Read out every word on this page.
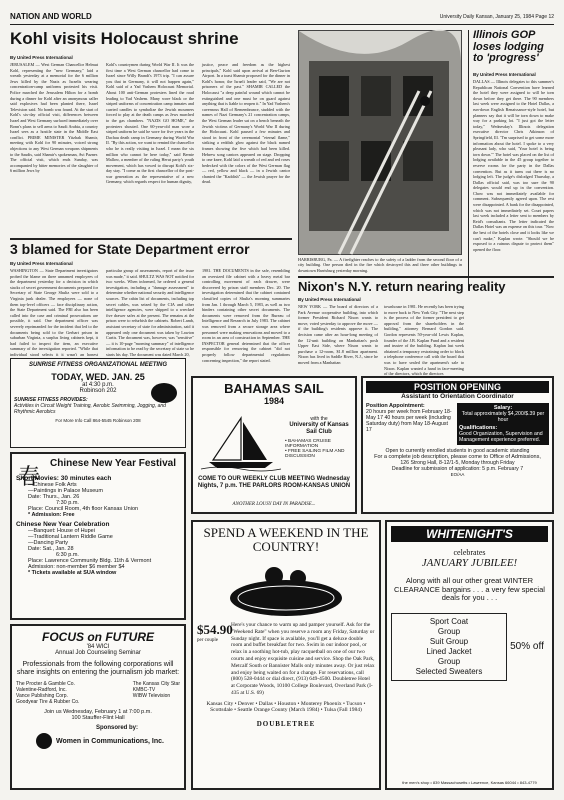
NATION AND WORLD	University Daily Kansan, January 25, 1984 Page 12
Kohl visits Holocaust shrine
By United Press International
JERUSALEM — West German Chancellor Helmut Kohl, representing the "new Germany," laid a wreath yesterday at a memorial for the 6 million Jews killed by the Nazis as Israelis wearing concentration-camp uniforms protested his visit. Police marched the Jerusalem Hilton for a bomb during a dinner for Kohl after an anonymous caller said explosives had been planted there, Israel Television said. No bomb was found. At the start of Kohl's six-day official visit, differences between Israel and West Germany surfaced immediately over Bonn's plans to sell arms to Saudi Arabia, a country Israel sees as a hostile state in the Middle East conflict. PRIME MINISTER Yitzhak Shamir, meeting with Kohl for 90 minutes, voiced strong objections to any West German weapons shipments to the Saudis, said Shamir's spokesman, Avi Pazner. The official visit, which ends Sunday, was accompanied by bitter memories of the slaughter of 6 million Jews by
Kohl's countrymen during World War II. It was the first time a West German chancellor had come to Israel since Willy Brandt's 1973 trip. "I can assure you that in Germany, it will not happen again," Kohl said of a Yad Vashem Holocaust Memorial. About 100 anti-German protesters lined the road leading to Yad Vashem. Many wore black or the striped uniforms of concentration camp inmates and carried candles to symbolize the Jewish mourners forced to play at the death camps as Jews marched to the gas chambers. "NAZIS GO HOME," the protesters shouted. One 60-year-old man wore a striped uniform he said he wore for five years in the Dachau death camp in Germany during World War II. "By this action, we want to remind the chancellor who he is really visiting in Israel. I mean the six million who cannot be here today," said Bernie Mallow, a member of the ruling Herut party's youth movement, which has vowed to disrupt Kohl's six-day stay. "I come as the first chancellor of the post-war generation as the representative of a new Germany, which regards respect for human dignity,
justice, peace and freedom as the highest principals," Kohl said upon arrival at Ben-Gurion Airport. In a toast Shamir proposed for the dinner in Kohl's honor, the Israeli leader said, "We are not prisoners of the past." SHAMIR CALLED the Holocaust "a deep painful wound which cannot be extinguished and one must be on guard against anything that is liable to reopen it." In Yad Vashem's cavernous Hall of Remembrance, studded with the names of Nazi Germany's 21 concentration camps, the West German leader sat on a bench beneath the Jewish victims of Germany's World War II during the Holocaust. Kohl paused a few minutes and stood in front of the ceremonial "eternal flame," striking a reddish glow against the black named frames showing the five which had been killed. Hebrew song cantors appeared on stage. Dropping to one knee, Kohl laid a wreath of red and red roses bedecked with the colors of the West German flag — red, yellow and black — in a Jewish cantor chanted the "Kaddish" — the Jewish prayer for the dead.
HARRISBURG, Pa. — A firefighter reaches to the safety of a ladder from the second floor of a city building. One person died in the fire which destroyed this and three other buildings in downtown Harrisburg yesterday morning.
Illinois GOP loses lodging to 'progress'
By United Press International
DALLAS — Illinois delegates to this summer's Republican National Convention have learned the hotel they were assigned to will be torn down before they get there. The 90 members last week were assigned to the Hotel Dallas, a run-down English Renaissance-style hotel, but planners say that it will be torn down to make way for a parking lot. "I just got the letter today," Wednesday's Illinois delegation executive director Chris Atkinson of Springfield, Ill. "I'm surprised to get some more information about the hotel. I spoke to a very pleasant lady, who said, 'Your hotel is being torn down.'" The hotel was placed on the list of lodging available in the 45 group together to reserve rooms for the party in the Dallas convention. But as it turns out there is no lodging left. The judge's dislodged Thursday, a Dallas official said, was too sure the 90 delegates would end up in the convention. Chow was not immediately available for comment. Subsequently agreed upon. The rest were disappointed. A bank for the disappointed, which was not immediately set. Court papers last week included a letter sent to members by Reid's consultants. The letter indicated the Dallas Hotel was an expense on this tour. "Now the best of the hotels close and it looks like we can't make," Kaplan wrote. "Should we be exposed to a ruinous dispute to protect them" opened the floor.
3 blamed for State Department error
By United Press International
WASHINGTON — State Department investigators probed the blame on three unnamed employees of the department yesterday for a decision in which stacks of secret government documents prepared for Secretary of State George Shultz were sold to a Virginia junk dealer. The employees — none of them top-level officers — face disciplinary action, the State Department said. The FBI also has been called into the case and criminal prosecutions are possible, it said. One department officer was severely reprimanded for the incident that led to the documents being sold to the Gerhart prison in suburban Virginia, a surplus living cabinets kept, it had failed to inspect the item, an executive summary of the investigation reported. "While that individual stood selects it it wasn't an honest
particular group of assessments, report of the issue was made," it said. SHULTZ WAS NOT notified for two weeks. When informed, he ordered a general investigation, including a "damage assessment" to determine whether national security and intelligence sources. The cabin list of documents, including top secret cables, was seized by the CIA and other intelligence agencies, were shipped to a wrecked five drawer safes at the present. The remains at the prison were to refurbish the cabinets. Robert Lamb, assistant secretary of state for administration, said it appeared only one document was taken by Lawton Curtis. The document was, however, was "sensitive" — it is 10-page "morning summary" of intelligence information to be read by the secretary of state so he starts his day. The document was dated March 20,
1981. THE DOCUMENTS in the safe, resembling an oversized file cabinet with a heavy metal bar controlling movement of each drawer, were discovered by prison staff members Dec. 20. The investigation determined that the cabinet contained classified copies of Shultz's morning summaries from Jan. 1 through March 5, 1983, as well as two binders containing other secret documents. The documents were removed from the Bureau of Intelligence and Research in July 1983. The cabinet was removed from a secure storage area where personnel were making renovations and moved to a room in an area of construction in September. THE INSPECTOR general determined that the officer responsible for removing the cabinet "did not properly follow departmental regulations concerning inspection," the report stated.
Nixon's N.Y. return nearing reality
By United Press International
NEW YORK — The board of directors of a Park Avenue cooperative building, into which former President Richard Nixon wants to move, voted yesterday to approve the move — if the building's residents approve it. The decision came after an hour-long meeting of the 12-unit building on Manhattan's posh Upper East Side, where Nixon wants to purchase a 12-room, $1.8 million apartment. Nixon has lived in Saddle River, N.J., since he moved from a Manhattan
townhouse in 1981. He recently has been trying to move back to New York City. "The next step is the process of the former president to get approval from the shareholders in the building," attorney Bernard Gordon said. Gordon represents 50-year-old Lewis Kaplan, founder of the J.B. Kaplan Fund and a resident and trustee of the building. Kaplan last week obtained a temporary restraining order to block a telephone conference call with the board that was to have sealed the apartment's sale to Nixon. Kaplan wanted a hand in face-meeting of the directors, which the directors
SUNRISE FITNESS ORGANIZATIONAL MEETING
TODAY, WED. JAN. 25
at 4:30 p.m.
Robinson 202
SUNRISE FITNESS PROVIDES:
Activities in Circuit Weight Training, Aerobic Swimming, Jogging, and Rhythmic Aerobics
For More Info Call 864-5545 Robinson 208
春
Chinese New Year Festival
Short Movies: 30 minutes each
—Chinese Folk Arts
—Paintings in Palace Museum
Date: Thurs., Jan. 26
7:30 p.m.
Place: Council Room, 4th floor Kansas Union
* Admission: Free
Chinese New Year Celebration
—Banquet: House of Hupei
—Traditional Lantern Riddle Game
—Dancing Party
Date: Sat., Jan. 28
6:30 p.m.
Place: Lawrence Community Bldg. 11th & Vermont
Admission: non-member $6 member $4
* Tickets available at SUA window
FOCUS on FUTURE
'84 WICI
Annual Job Counseling Seminar
Professionals from the following corporations will share insights on entering the journalism job market:
The Procter & Gamble Co.
Valentine-Radford, Inc.
Vance Publishing Corp.
Goodyear Tire & Rubber Co.
The Kansas City Star
KMBC-TV
WIBW Television
Join us Wednesday, February 1 at 7:00 p.m.
100 Stauffer-Flint Hall
Sponsored by:
Women in Communications, Inc.
BAHAMAS SAIL
1984
with the
University of Kansas Sail Club
• BAHAMAS CRUISE INFORMATION
• FREE SAILING FILM AND DISCUSSION
COME TO OUR WEEKLY CLUB MEETING Wednesday Nights, 7 p.m. THE PARLORS ROOM-KANSAS UNION
ANOTHER LOUSY DAY IN PARADISE...
POSITION OPENING
Assistant to Orientation Coordinator
Position Appointment:
20 hours per week from February 18-May 17 40 hours per week (including Saturday duty) from May 18-August 17
Salary:
Total approximately $4,200/$.39 per hour
Qualifications:
Good Organization, Supervision and Management experience preferred.
Open to currently enrolled students in good academic standing
For a complete job description, please come to Office of Admissions,
126 Strong Hall, 8-12/1-5, Monday through Friday
Deadline for submission of application: 5 p.m. February 7
EO/AA
SPEND A WEEKEND IN THE COUNTRY!
$54.90
per couple
Here's your chance to warm up and pamper yourself. Ask for the "Weekend Rate" when you reserve a room any Friday, Saturday or Sunday night. If space is available, you'll get a deluxe double room and buffet breakfast for two. Swim in our indoor pool, or relax in a soothing hot-tub, play racquetball on one of our two courts and enjoy exquisite cuisine and service. Shop the Oak Park, Metcalf South or Bannister Malls only minutes away. Or just relax and enjoy being waited on for a change. For reservations, call (800) 528-0444 or dial direct, (913) 649-4500. Doubletree Hotel at Corporate Woods, 10100 College Boulevard, Overland Park (I-435 at U.S. 69)
Kansas City • Denver • Dallas • Houston • Monterey Phoenix • Tucson • Scottsdale • Seattle Orange County (March 1984) • Tulsa (Fall 1984)
DOUBLETREE
WHITENIGHT'S
celebrates
JANUARY JUBILEE!
Along with all our other great WINTER CLEARANCE bargains . . . a very few special deals for you . . .
Sport Coat
Group
Suit Group
Lined Jacket
Group
Selected Sweaters
50% off
the men's shop • 839 Massachusetts • Lawrence, Kansas 66044 • 843-4779
